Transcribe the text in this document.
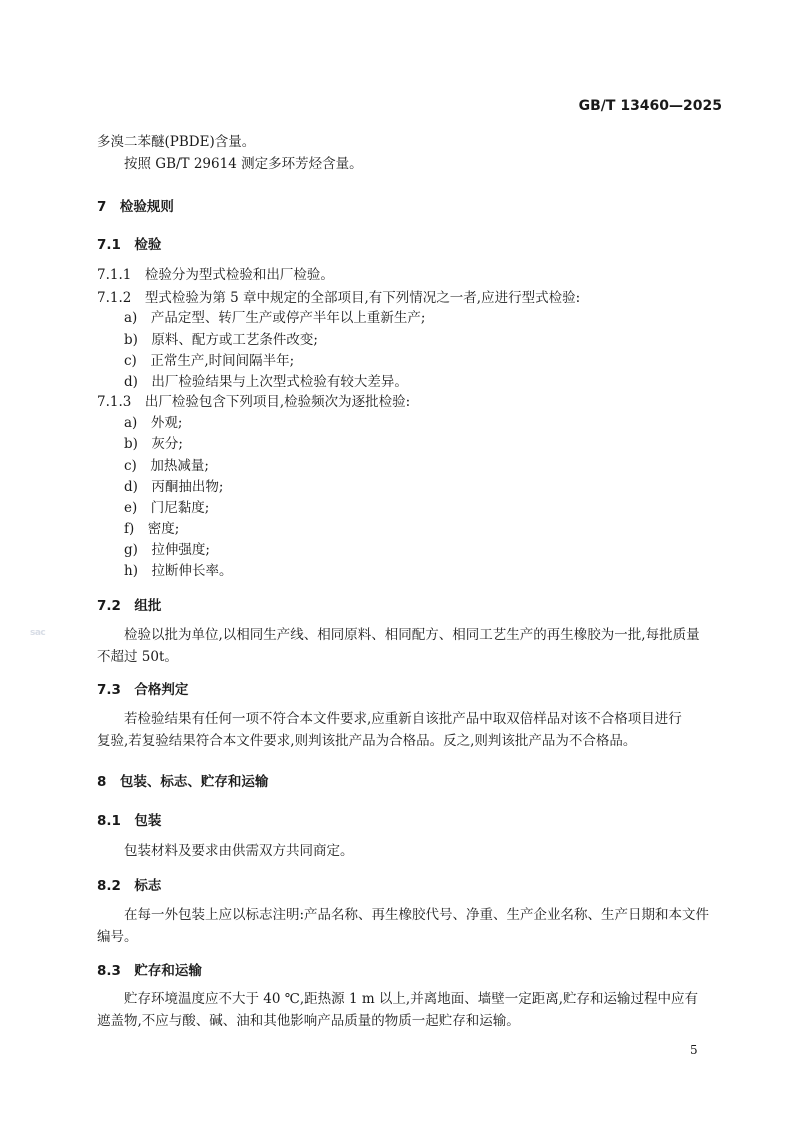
GB/T 13460—2025
sac
多溴二苯醚(PBDE)含量。
按照 GB/T 29614 测定多环芳烃含量。
7　检验规则
7.1　检验
7.1.1　检验分为型式检验和出厂检验。
7.1.2　型式检验为第 5 章中规定的全部项目,有下列情况之一者,应进行型式检验:
a)　产品定型、转厂生产或停产半年以上重新生产;
b)　原料、配方或工艺条件改变;
c)　正常生产,时间间隔半年;
d)　出厂检验结果与上次型式检验有较大差异。
7.1.3　出厂检验包含下列项目,检验频次为逐批检验:
a)　外观;
b)　灰分;
c)　加热减量;
d)　丙酮抽出物;
e)　门尼黏度;
f)　密度;
g)　拉伸强度;
h)　拉断伸长率。
7.2　组批
检验以批为单位,以相同生产线、相同原料、相同配方、相同工艺生产的再生橡胶为一批,每批质量
不超过 50t。
7.3　合格判定
若检验结果有任何一项不符合本文件要求,应重新自该批产品中取双倍样品对该不合格项目进行
复验,若复验结果符合本文件要求,则判该批产品为合格品。反之,则判该批产品为不合格品。
8　包装、标志、贮存和运输
8.1　包装
包装材料及要求由供需双方共同商定。
8.2　标志
在每一外包装上应以标志注明:产品名称、再生橡胶代号、净重、生产企业名称、生产日期和本文件
编号。
8.3　贮存和运输
贮存环境温度应不大于 40 ℃,距热源 1 m 以上,并离地面、墙壁一定距离,贮存和运输过程中应有
遮盖物,不应与酸、碱、油和其他影响产品质量的物质一起贮存和运输。
5
